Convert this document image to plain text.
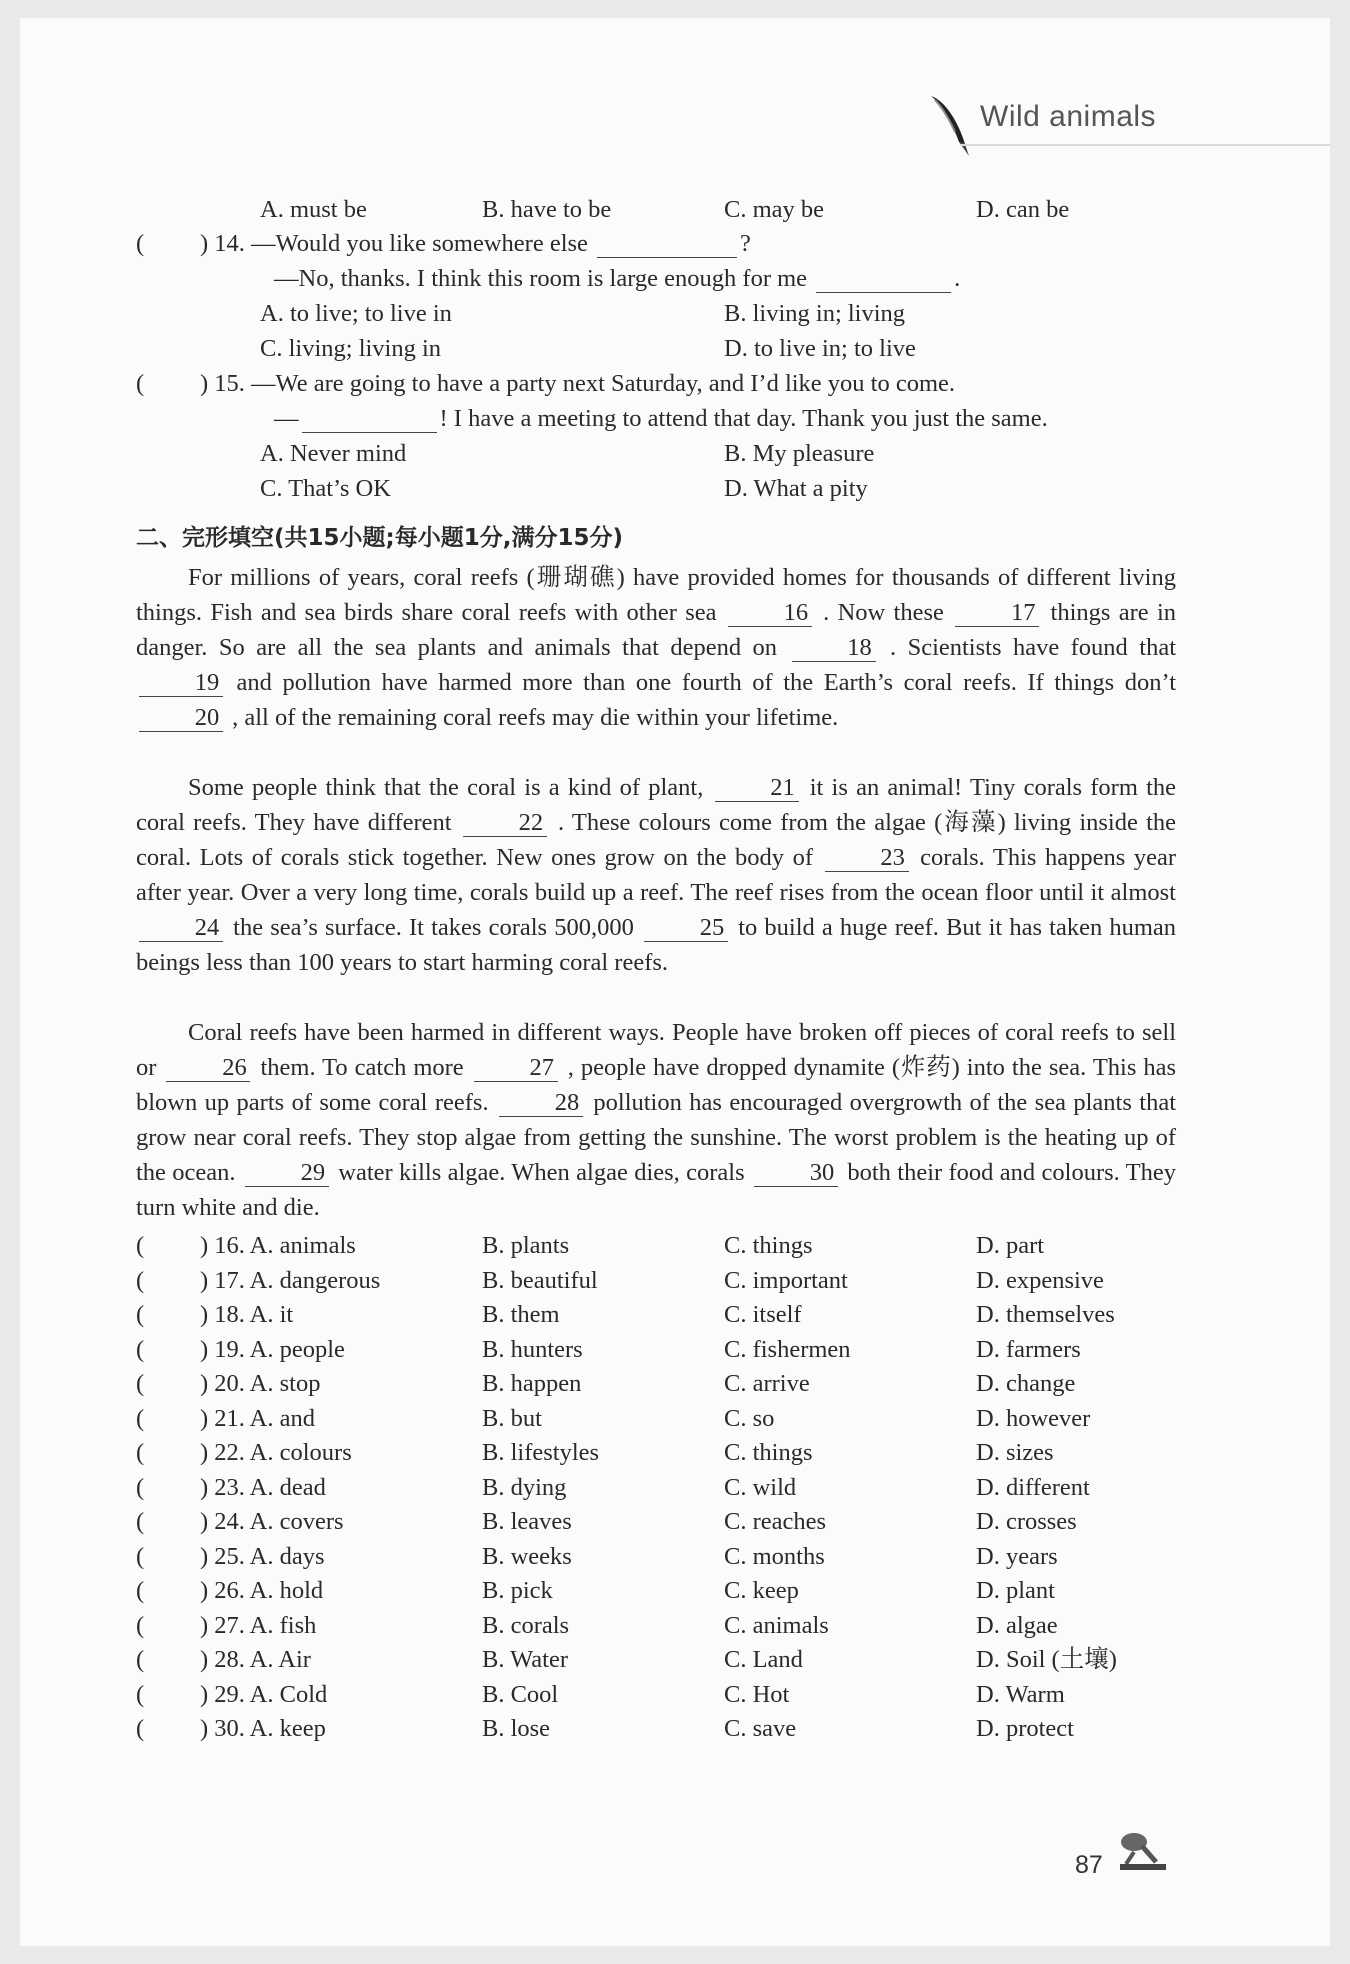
Wild animals
A. must be	B. have to be	C. may be	D. can be
( ) 14. —Would you like somewhere else	?
—No, thanks. I think this room is large enough for me	.
A. to live; to live in	B. living in; living
C. living; living in	D. to live in; to live
( ) 15. —We are going to have a party next Saturday, and I’d like you to come.
—	! I have a meeting to attend that day. Thank you just the same.
A. Never mind	B. My pleasure
C. That’s OK	D. What a pity
二、完形填空(共15小题;每小题1分,满分15分)
For millions of years, coral reefs (珊瑚礁) have provided homes for thousands of different living things. Fish and sea birds share coral reefs with other sea	16 . Now these	17 things are in danger. So are all the sea plants and animals that depend on	18 . Scientists have found that 19 and pollution have harmed more than one fourth of the Earth’s coral reefs. If things don’t 20 , all of the remaining coral reefs may die within your lifetime.
Some people think that the coral is a kind of plant,	21 it is an animal! Tiny corals form the coral reefs. They have different	22 . These colours come from the algae (海藻) living inside the coral. Lots of corals stick together. New ones grow on the body of	23 corals. This happens year after year. Over a very long time, corals build up a reef. The reef rises from the ocean floor until it almost 24 the sea’s surface. It takes corals 500,000	25 to build a huge reef. But it has taken human beings less than 100 years to start harming coral reefs.
Coral reefs have been harmed in different ways. People have broken off pieces of coral reefs to sell or	26 them. To catch more	27 , people have dropped dynamite (炸药) into the sea. This has blown up parts of some coral reefs.	28 pollution has encouraged overgrowth of the sea plants that grow near coral reefs. They stop algae from getting the sunshine. The worst problem is the heating up of the ocean.	29 water kills algae. When algae dies, corals	30 both their food and colours. They turn white and die.
( ) 16. A. animals	B. plants	C. things	D. part
( ) 17. A. dangerous	B. beautiful	C. important	D. expensive
( ) 18. A. it	B. them	C. itself	D. themselves
( ) 19. A. people	B. hunters	C. fishermen	D. farmers
( ) 20. A. stop	B. happen	C. arrive	D. change
( ) 21. A. and	B. but	C. so	D. however
( ) 22. A. colours	B. lifestyles	C. things	D. sizes
( ) 23. A. dead	B. dying	C. wild	D. different
( ) 24. A. covers	B. leaves	C. reaches	D. crosses
( ) 25. A. days	B. weeks	C. months	D. years
( ) 26. A. hold	B. pick	C. keep	D. plant
( ) 27. A. fish	B. corals	C. animals	D. algae
( ) 28. A. Air	B. Water	C. Land	D. Soil (土壤)
( ) 29. A. Cold	B. Cool	C. Hot	D. Warm
( ) 30. A. keep	B. lose	C. save	D. protect
87
